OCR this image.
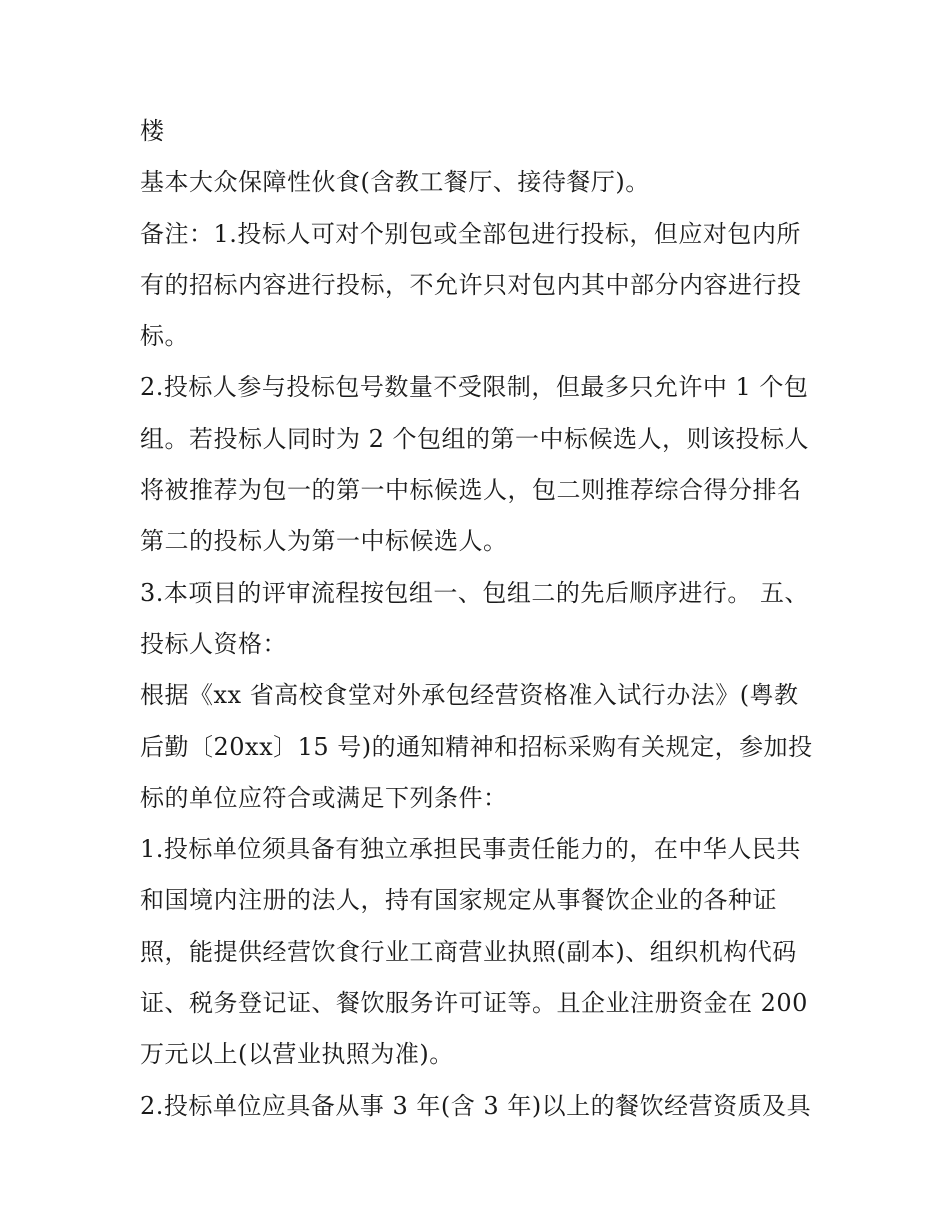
楼
基本大众保障性伙食(含教工餐厅、接待餐厅)。
备注：1.投标人可对个别包或全部包进行投标，但应对包内所
有的招标内容进行投标，不允许只对包内其中部分内容进行投
标。
2.投标人参与投标包号数量不受限制，但最多只允许中 1 个包
组。若投标人同时为 2 个包组的第一中标候选人，则该投标人
将被推荐为包一的第一中标候选人，包二则推荐综合得分排名
第二的投标人为第一中标候选人。
3.本项目的评审流程按包组一、包组二的先后顺序进行。 五、
投标人资格：
根据《xx 省高校食堂对外承包经营资格准入试行办法》(粤教
后勤〔20xx〕15 号)的通知精神和招标采购有关规定，参加投
标的单位应符合或满足下列条件：
1.投标单位须具备有独立承担民事责任能力的，在中华人民共
和国境内注册的法人，持有国家规定从事餐饮企业的各种证
照，能提供经营饮食行业工商营业执照(副本)、组织机构代码
证、税务登记证、餐饮服务许可证等。且企业注册资金在 200
万元以上(以营业执照为准)。
2.投标单位应具备从事 3 年(含 3 年)以上的餐饮经营资质及具
